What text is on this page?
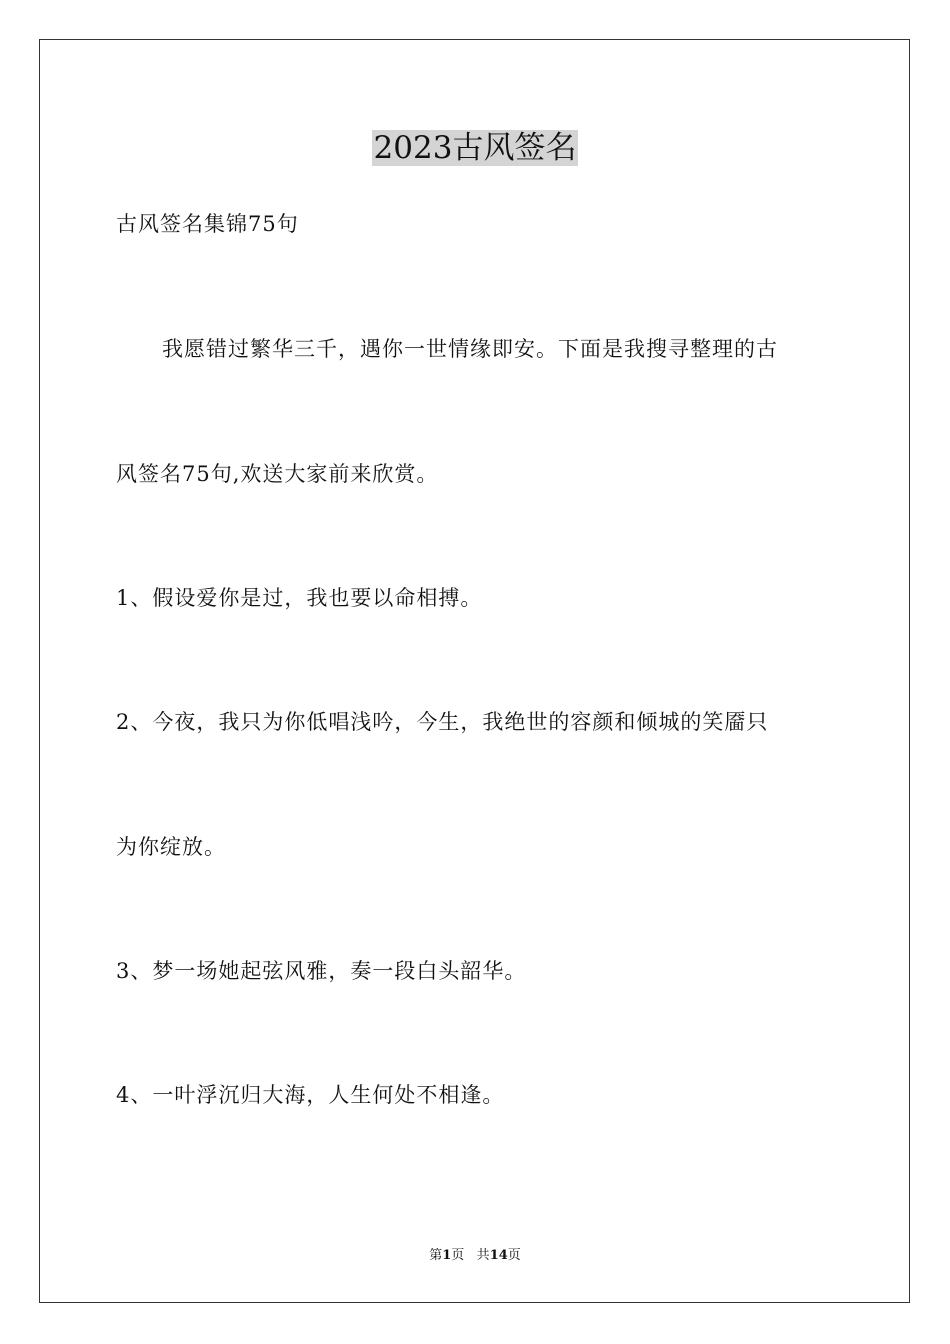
2023古风签名

古风签名集锦75句

我愿错过繁华三千，遇你一世情缘即安。下面是我搜寻整理的古

风签名75句,欢送大家前来欣赏。

1、假设爱你是过，我也要以命相搏。

2、今夜，我只为你低唱浅吟，今生，我绝世的容颜和倾城的笑靥只

为你绽放。

3、梦一场她起弦风雅，奏一段白头韶华。

4、一叶浮沉归大海，人生何处不相逢。

第1页 共14页
